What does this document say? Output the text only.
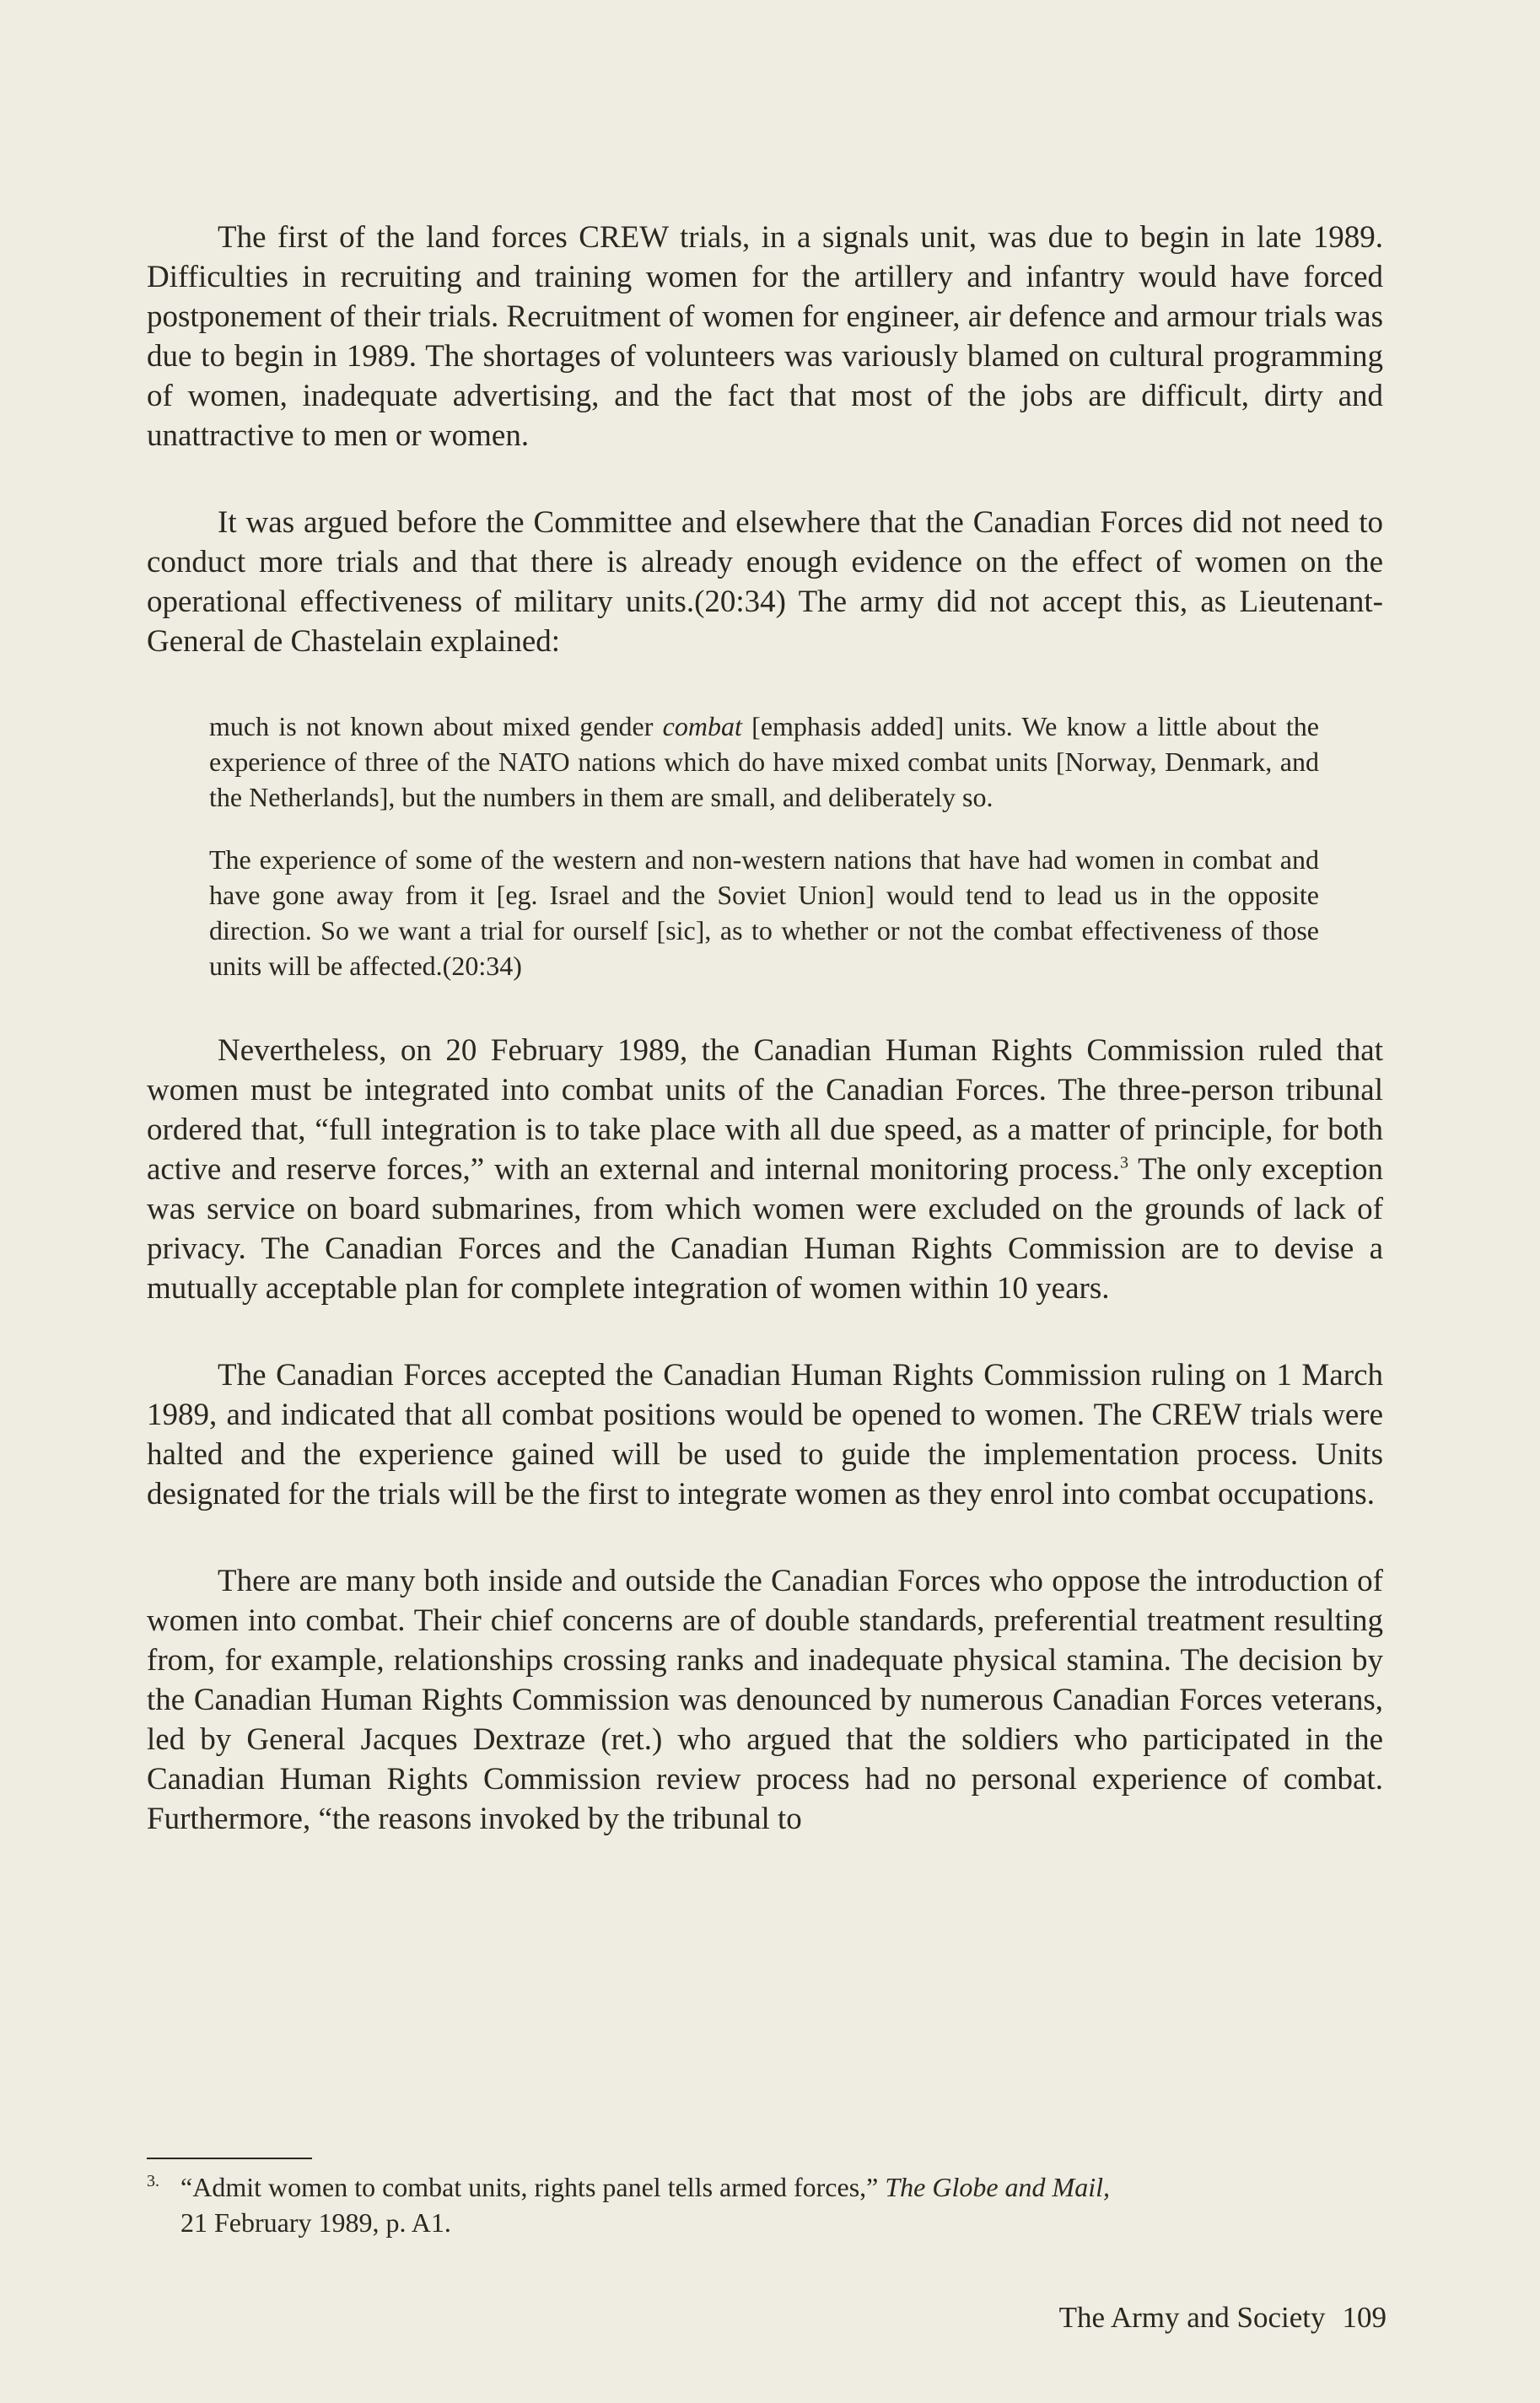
The first of the land forces CREW trials, in a signals unit, was due to begin in late 1989. Difficulties in recruiting and training women for the artillery and infantry would have forced postponement of their trials. Recruitment of women for engineer, air defence and armour trials was due to begin in 1989. The shortages of volunteers was variously blamed on cultural programming of women, inadequate advertising, and the fact that most of the jobs are difficult, dirty and unattractive to men or women.

It was argued before the Committee and elsewhere that the Canadian Forces did not need to conduct more trials and that there is already enough evidence on the effect of women on the operational effectiveness of military units.(20:34) The army did not accept this, as Lieutenant-General de Chastelain explained:

much is not known about mixed gender combat [emphasis added] units. We know a little about the experience of three of the NATO nations which do have mixed combat units [Norway, Denmark, and the Netherlands], but the numbers in them are small, and deliberately so.

The experience of some of the western and non-western nations that have had women in combat and have gone away from it [eg. Israel and the Soviet Union] would tend to lead us in the opposite direction. So we want a trial for ourself [sic], as to whether or not the combat effectiveness of those units will be affected.(20:34)

Nevertheless, on 20 February 1989, the Canadian Human Rights Commission ruled that women must be integrated into combat units of the Canadian Forces. The three-person tribunal ordered that, “full integration is to take place with all due speed, as a matter of principle, for both active and reserve forces,” with an external and internal monitoring process.$^3$ The only exception was service on board submarines, from which women were excluded on the grounds of lack of privacy. The Canadian Forces and the Canadian Human Rights Commission are to devise a mutually acceptable plan for complete integration of women within 10 years.

The Canadian Forces accepted the Canadian Human Rights Commission ruling on 1 March 1989, and indicated that all combat positions would be opened to women. The CREW trials were halted and the experience gained will be used to guide the implementation process. Units designated for the trials will be the first to integrate women as they enrol into combat occupations.

There are many both inside and outside the Canadian Forces who oppose the introduction of women into combat. Their chief concerns are of double standards, preferential treatment resulting from, for example, relationships crossing ranks and inadequate physical stamina. The decision by the Canadian Human Rights Commission was denounced by numerous Canadian Forces veterans, led by General Jacques Dextraze (ret.) who argued that the soldiers who participated in the Canadian Human Rights Commission review process had no personal experience of combat. Furthermore, “the reasons invoked by the tribunal to

3. “Admit women to combat units, rights panel tells armed forces,” The Globe and Mail,
21 February 1989, p. A1.
The Army and Society 109
